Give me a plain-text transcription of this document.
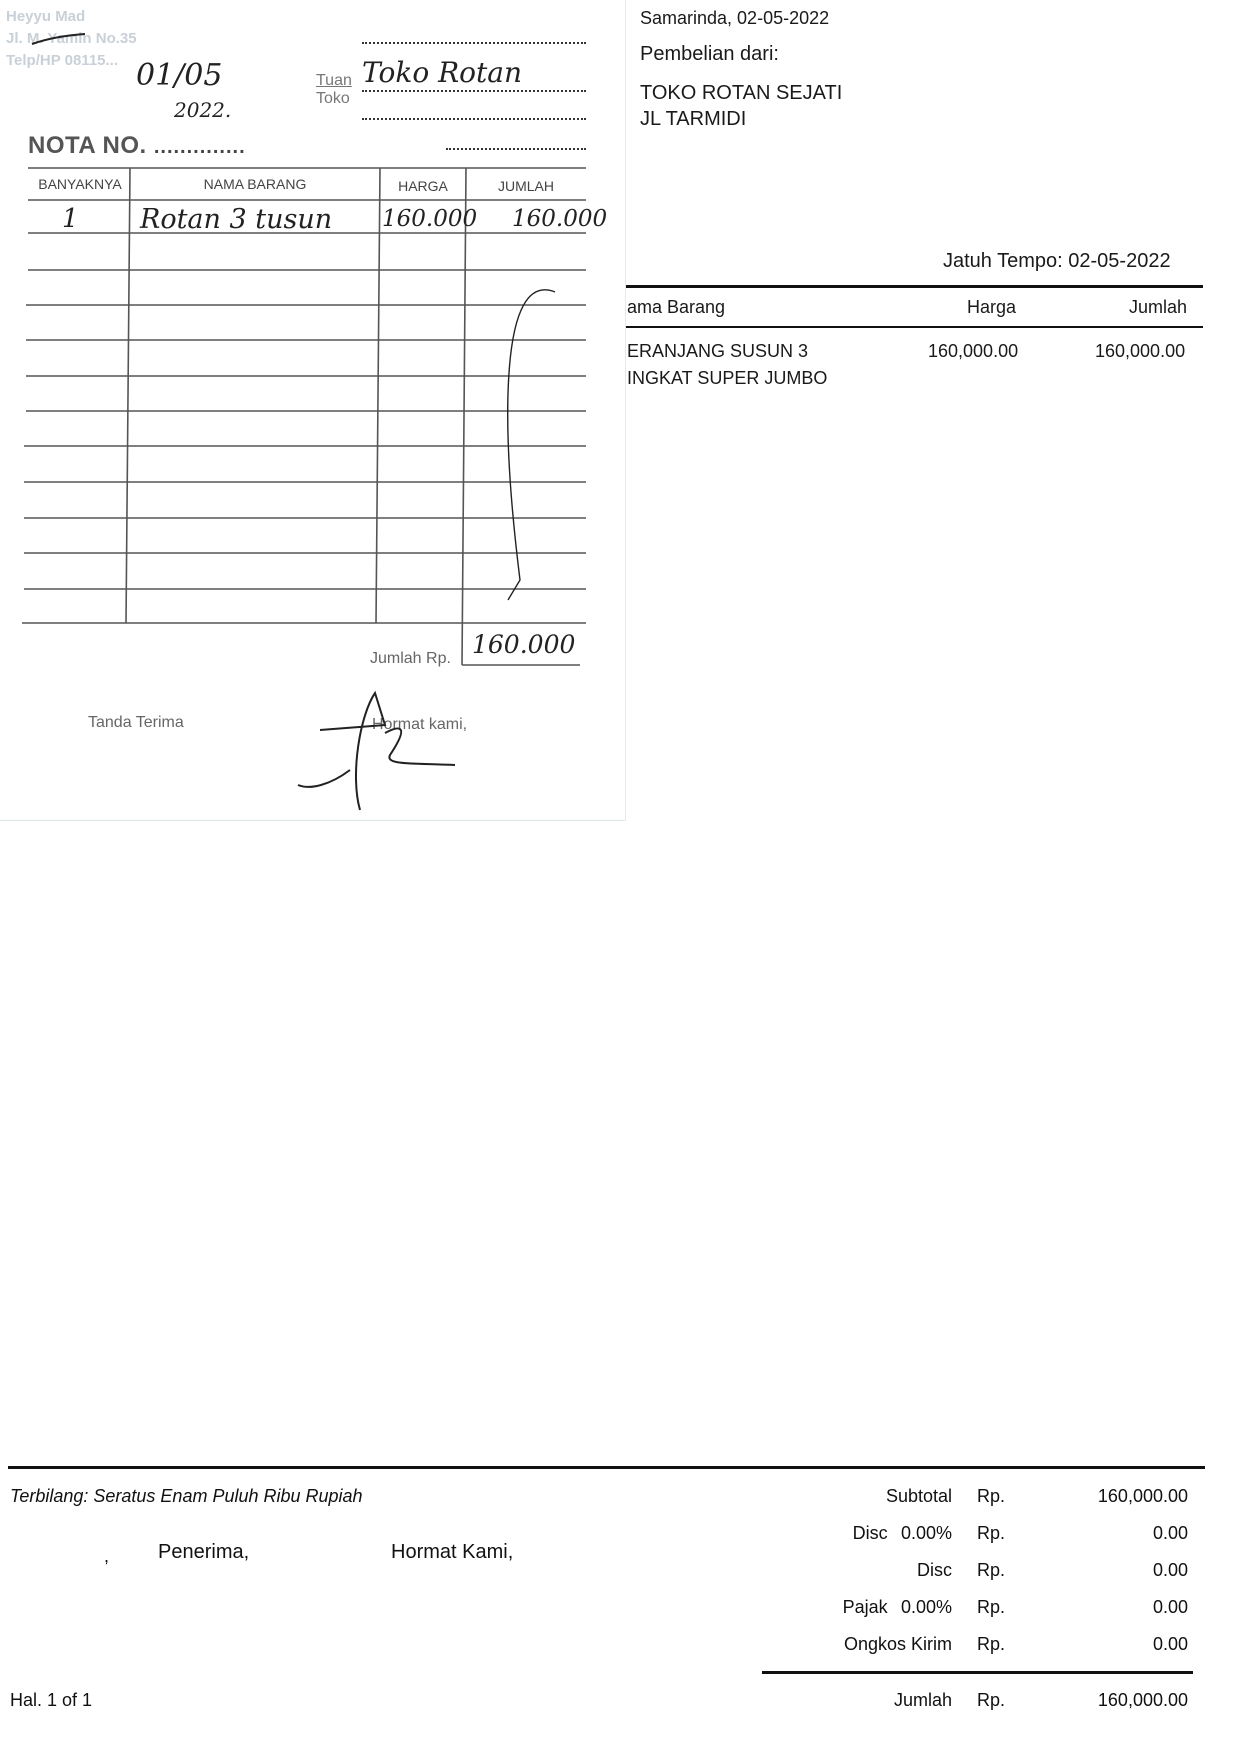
Samarinda, 02-05-2022
Pembelian dari:
TOKO ROTAN SEJATI
JL TARMIDI
Jatuh Tempo: 02-05-2022
ama Barang	Harga	Jumlah
ERANJANG SUSUN 3
INGKAT SUPER JUMBO
160,000.00	160,000.00
Terbilang: Seratus Enam Puluh Ribu Rupiah
, Penerima,	Hormat Kami,
Subtotal Rp.	160,000.00
Disc 0.00% Rp.	0.00
Disc Rp.	0.00
Pajak 0.00% Rp.	0.00
Ongkos Kirim Rp.	0.00
Hal. 1 of 1	Jumlah Rp.	160,000.00
Heyyu Mad
Jl. M. Yamin No.35
Telp/HP 08115... 01/05
2022.
Tuan
Toko
Toko Rotan
NOTA NO. ..............
BANYAKNYA	NAMA BARANG	HARGA	JUMLAH
1 Rotan 3 tusun 160.000 160.000
Jumlah Rp. 160.000
Tanda Terima	Hormat kami,
